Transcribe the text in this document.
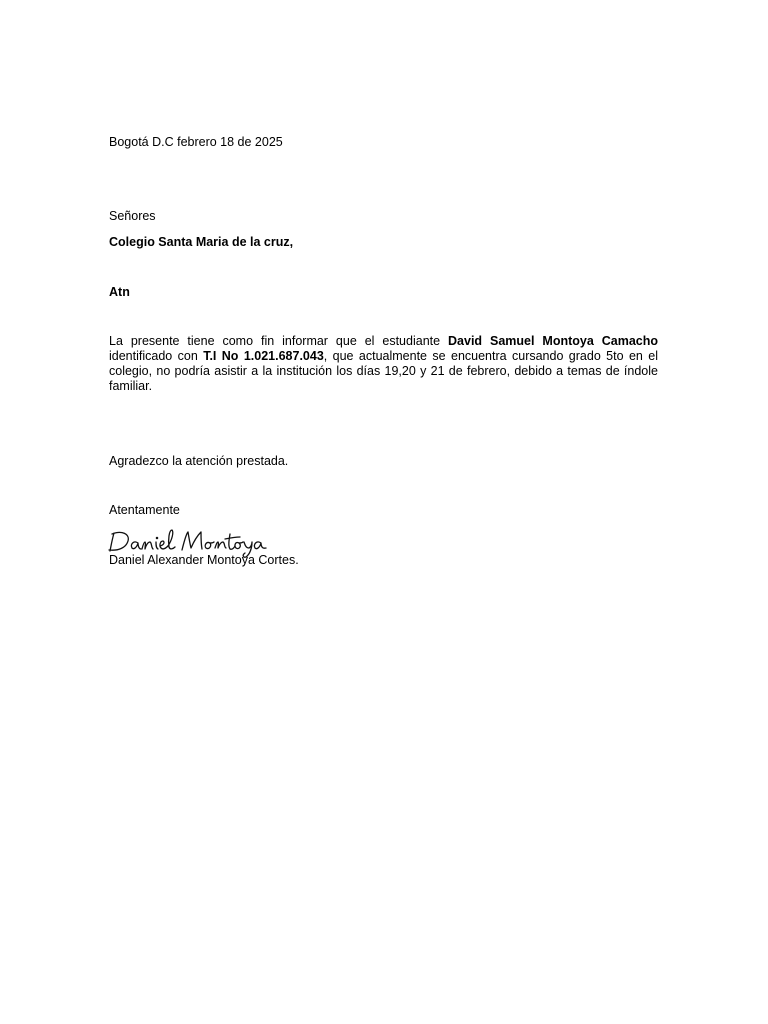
Bogotá D.C febrero 18 de 2025
Señores
Colegio Santa Maria de la cruz,
Atn
La presente tiene como fin informar que el estudiante David Samuel Montoya Camacho identificado con T.I No 1.021.687.043, que actualmente se encuentra cursando grado 5to en el colegio, no podría asistir a la institución los días 19,20 y 21 de febrero, debido a temas de índole familiar.
Agradezco la atención prestada.
Atentamente
Daniel Alexander Montoya Cortes.
